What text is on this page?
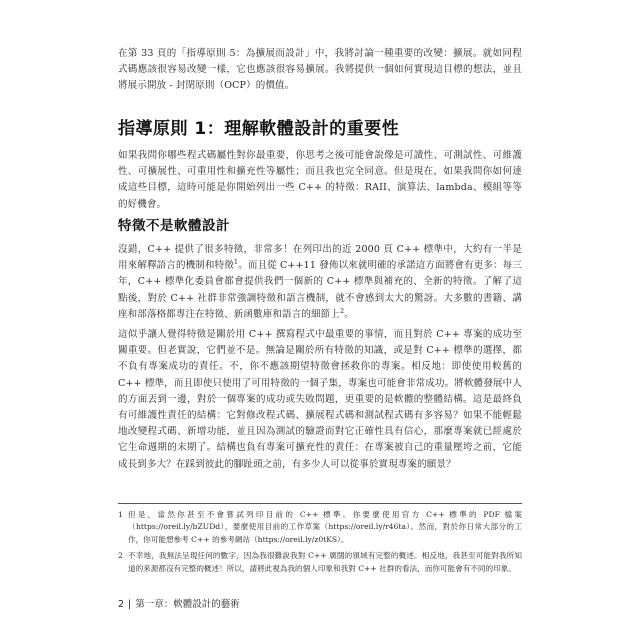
在第 33 頁的「指導原則 5：為擴展而設計」中，我將討論一種重要的改變：擴展。就如同程式碼應該很容易改變一樣，它也應該很容易擴展。我將提供一個如何實現這目標的想法，並且將展示開放 - 封閉原則（OCP）的價值。

指導原則 1：理解軟體設計的重要性

如果我問你哪些程式碼屬性對你最重要，你思考之後可能會說像是可讀性、可測試性、可維護性、可擴展性、可重用性和擴充性等屬性；而且我也完全同意。但是現在，如果我問你如何達成這些目標，這時可能是你開始列出一些 C++ 的特徵：RAII、演算法、lambda、模組等等的好機會。

特徵不是軟體設計

沒錯，C++ 提供了很多特徵，非常多！在列印出的近 2000 頁 C++ 標準中，大約有一半是用來解釋語言的機制和特徵$^1$。而且從 C++11 發佈以來就明確的承諾這方面將會有更多：每三年，C++ 標準化委員會都會提供我們一個新的 C++ 標準與補充的、全新的特徵。了解了這點後，對於 C++ 社群非常強調特徵和語言機制，就不會感到太大的驚訝。大多數的書籍、講座和部落格都專注在特徵、新函數庫和語言的細節上$^2$。

這似乎讓人覺得特徵是關於用 C++ 撰寫程式中最重要的事情，而且對於 C++ 專案的成功至關重要。但老實說，它們並不是。無論是關於所有特徵的知識，或是對 C++ 標準的選擇，都不負有專案成功的責任。不，你不應該期望特徵會拯救你的專案。相反地：即使使用較舊的 C++ 標準，而且即使只使用了可用特徵的一個子集，專案也可能會非常成功。將軟體發展中人的方面丟到一邊，對於一個專案的成功或失敗問題，更重要的是軟體的整體結構。這是最終負有可維護性責任的結構：它對修改程式碼、擴展程式碼和測試程式碼有多容易？如果不能輕鬆地改變程式碼、新增功能，並且因為測試的驗證而對它正確性具有信心，那麼專案就已經處於它生命週期的末期了。結構也負有專案可擴充性的責任：在專案被自己的重量壓垮之前，它能成長到多大？在踩到彼此的腳趾頭之前，有多少人可以從事於實現專案的願景？

1 但是，當然你甚至不會嘗試列印目前的 C++ 標準。你要麼使用官方 C++ 標準的 PDF 檔案（https://oreil.ly/bZUDd），要麼使用目前的工作草案（https://oreil.ly/r46ta）。然而，對於你日常大部分的工作，你可能想參考 C++ 的參考網站（https://oreil.ly/z0tKS）。
2 不幸地，我無法呈現任何的數字，因為我很難說我對 C++ 廣闊的領域有完整的概述。相反地，我甚至可能對我所知道的來源都沒有完整的概述！所以，請將此視為我的個人印象和我對 C++ 社群的看法，而你可能會有不同的印象。
2 | 第一章：軟體設計的藝術
